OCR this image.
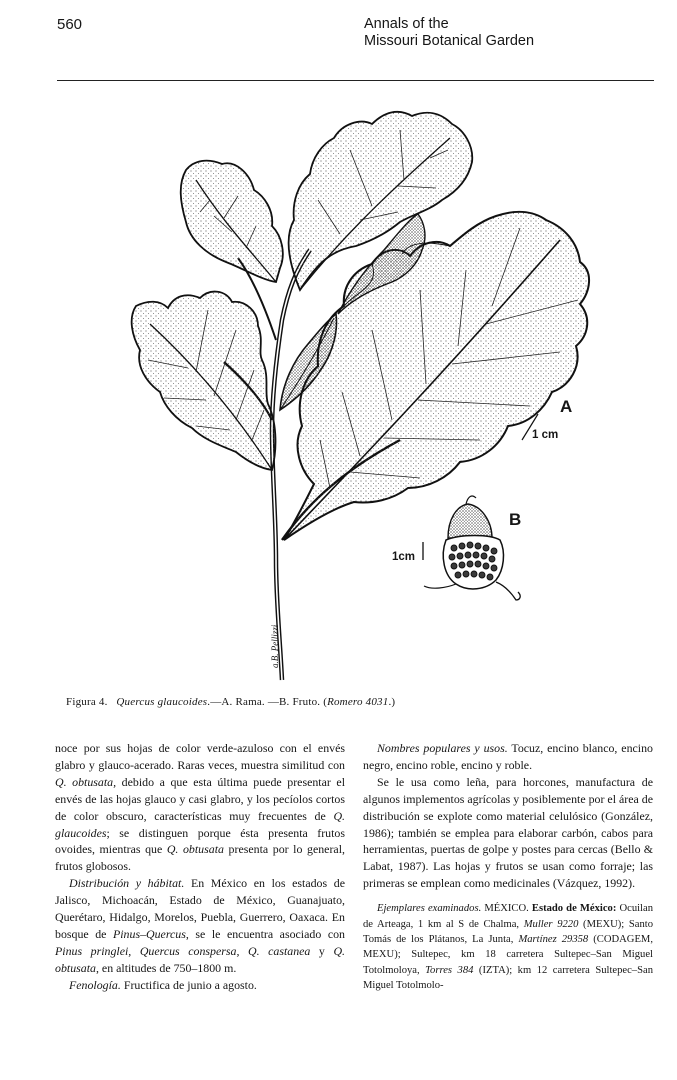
560	Annals of the
Missouri Botanical Garden
A
B
1 cm
1cm
a.B. Pellizzi
Figura 4. Quercus glaucoides.—A. Rama. —B. Fruto. (Romero 4031.)

noce por sus hojas de color verde-azuloso con el envés glabro y glauco-acerado. Raras veces, muestra similitud con Q. obtusata, debido a que esta última puede presentar el envés de las hojas glauco y casi glabro, y los pecíolos cortos de color obscuro, características muy frecuentes de Q. glaucoides; se distinguen porque ésta presenta frutos ovoides, mientras que Q. obtusata presenta por lo general, frutos globosos.

Distribución y hábitat. En México en los estados de Jalisco, Michoacán, Estado de México, Guanajuato, Querétaro, Hidalgo, Morelos, Puebla, Guerrero, Oaxaca. En bosque de Pinus–Quercus, se le encuentra asociado con Pinus pringlei, Quercus conspersa, Q. castanea y Q. obtusata, en altitudes de 750–1800 m.

Fenología. Fructifica de junio a agosto.

Nombres populares y usos. Tocuz, encino blanco, encino negro, encino roble, encino y roble.

Se le usa como leña, para horcones, manufactura de algunos implementos agrícolas y posiblemente por el área de distribución se explote como material celulósico (González, 1986); también se emplea para elaborar carbón, cabos para herramientas, puertas de golpe y postes para cercas (Bello & Labat, 1987). Las hojas y frutos se usan como forraje; las primeras se emplean como medicinales (Vázquez, 1992).

Ejemplares examinados. MÉXICO. Estado de México: Ocuilan de Arteaga, 1 km al S de Chalma, Muller 9220 (MEXU); Santo Tomás de los Plátanos, La Junta, Martínez 29358 (CODAGEM, MEXU); Sultepec, km 18 carretera Sultepec–San Miguel Totolmoloya, Torres 384 (IZTA); km 12 carretera Sultepec–San Miguel Totolmolo-
